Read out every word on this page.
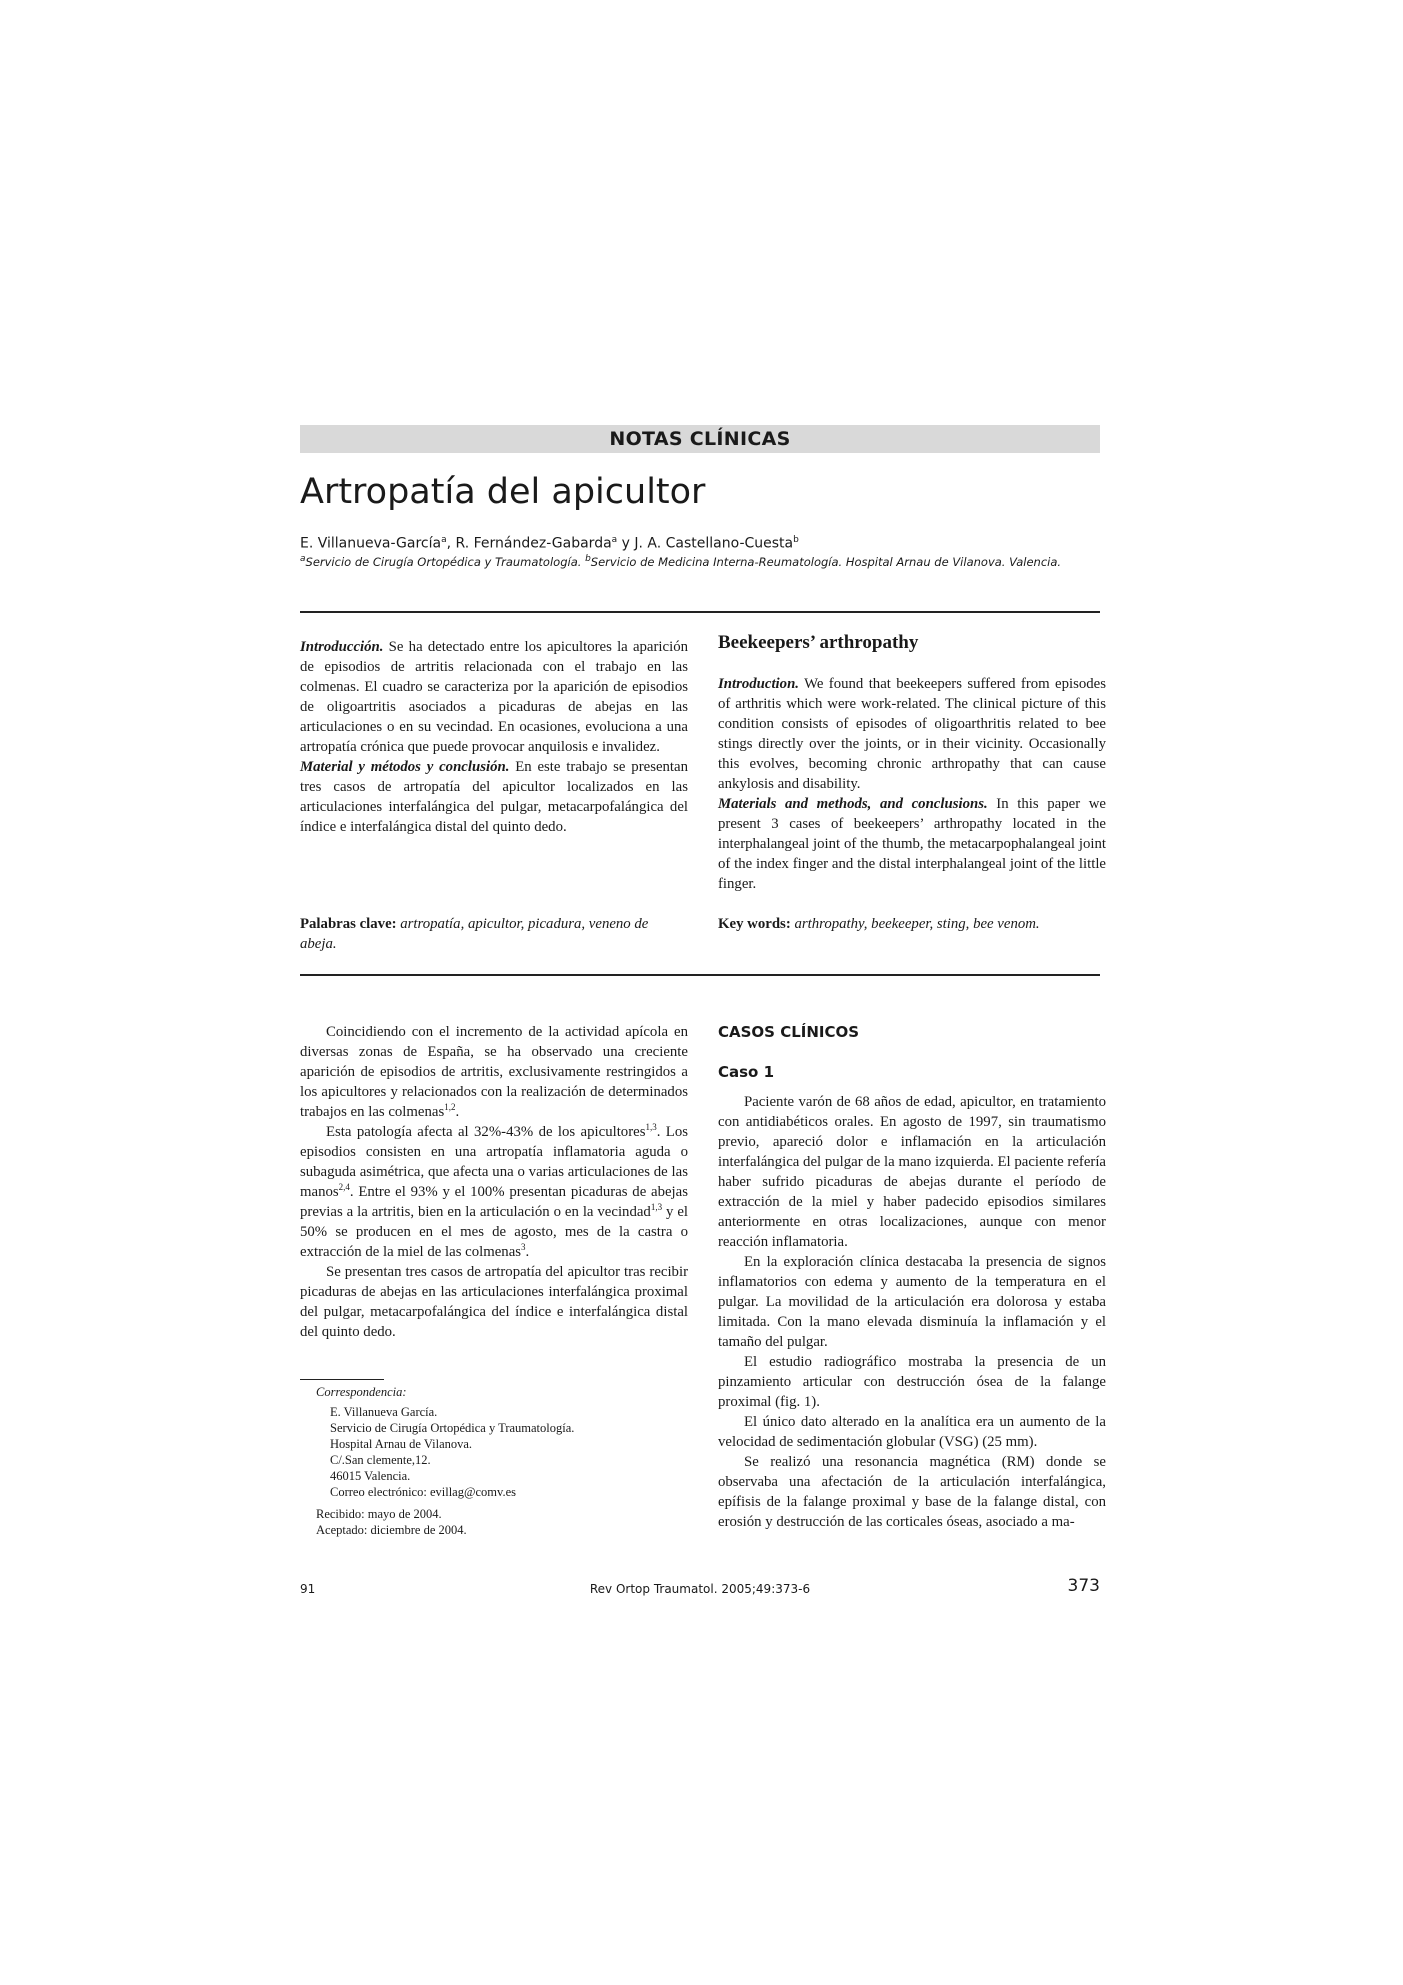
NOTAS CLÍNICAS
Artropatía del apicultor
E. Villanueva-García$^a$, R. Fernández-Gabarda$^a$ y J. A. Castellano-Cuesta$^b$
$^a$Servicio de Cirugía Ortopédica y Traumatología. $^b$Servicio de Medicina Interna-Reumatología. Hospital Arnau de Vilanova. Valencia.

Introducción. Se ha detectado entre los apicultores la aparición de episodios de artritis relacionada con el trabajo en las colmenas. El cuadro se caracteriza por la aparición de episodios de oligoartritis asociados a picaduras de abejas en las articulaciones o en su vecindad. En ocasiones, evoluciona a una artropatía crónica que puede provocar anquilosis e invalidez.

Material y métodos y conclusión. En este trabajo se presentan tres casos de artropatía del apicultor localizados en las articulaciones interfalángica del pulgar, metacarpofalángica del índice e interfalángica distal del quinto dedo.

Beekeepers’ arthropathy

Introduction. We found that beekeepers suffered from episodes of arthritis which were work-related. The clinical picture of this condition consists of episodes of oligoarthritis related to bee stings directly over the joints, or in their vicinity. Occasionally this evolves, becoming chronic arthropathy that can cause ankylosis and disability.

Materials and methods, and conclusions. In this paper we present 3 cases of beekeepers’ arthropathy located in the interphalangeal joint of the thumb, the metacarpophalangeal joint of the index finger and the distal interphalangeal joint of the little finger.

Palabras clave: artropatía, apicultor, picadura, veneno de abeja.

Key words: arthropathy, beekeeper, sting, bee venom.

Coincidiendo con el incremento de la actividad apícola en diversas zonas de España, se ha observado una creciente aparición de episodios de artritis, exclusivamente restringidos a los apicultores y relacionados con la realización de determinados trabajos en las colmenas$^{1,2}$.

Esta patología afecta al 32%-43% de los apicultores$^{1,3}$. Los episodios consisten en una artropatía inflamatoria aguda o subaguda asimétrica, que afecta una o varias articulaciones de las manos$^{2,4}$. Entre el 93% y el 100% presentan picaduras de abejas previas a la artritis, bien en la articulación o en la vecindad$^{1,3}$ y el 50% se producen en el mes de agosto, mes de la castra o extracción de la miel de las colmenas$^3$.

Se presentan tres casos de artropatía del apicultor tras recibir picaduras de abejas en las articulaciones interfalángica proximal del pulgar, metacarpofalángica del índice e interfalángica distal del quinto dedo.

CASOS CLÍNICOS
Caso 1

Paciente varón de 68 años de edad, apicultor, en tratamiento con antidiabéticos orales. En agosto de 1997, sin traumatismo previo, apareció dolor e inflamación en la articulación interfalángica del pulgar de la mano izquierda. El paciente refería haber sufrido picaduras de abejas durante el período de extracción de la miel y haber padecido episodios similares anteriormente en otras localizaciones, aunque con menor reacción inflamatoria.

En la exploración clínica destacaba la presencia de signos inflamatorios con edema y aumento de la temperatura en el pulgar. La movilidad de la articulación era dolorosa y estaba limitada. Con la mano elevada disminuía la inflamación y el tamaño del pulgar.

El estudio radiográfico mostraba la presencia de un pinzamiento articular con destrucción ósea de la falange proximal (fig. 1).

El único dato alterado en la analítica era un aumento de la velocidad de sedimentación globular (VSG) (25 mm).

Se realizó una resonancia magnética (RM) donde se observaba una afectación de la articulación interfalángica, epífisis de la falange proximal y base de la falange distal, con erosión y destrucción de las corticales óseas, asociado a ma-

Correspondencia:
E. Villanueva García.
Servicio de Cirugía Ortopédica y Traumatología.
Hospital Arnau de Vilanova.
C/.San clemente,12.
46015 Valencia.
Correo electrónico: evillag@comv.es
Recibido: mayo de 2004.
Aceptado: diciembre de 2004.
91	Rev Ortop Traumatol. 2005;49:373-6	373
